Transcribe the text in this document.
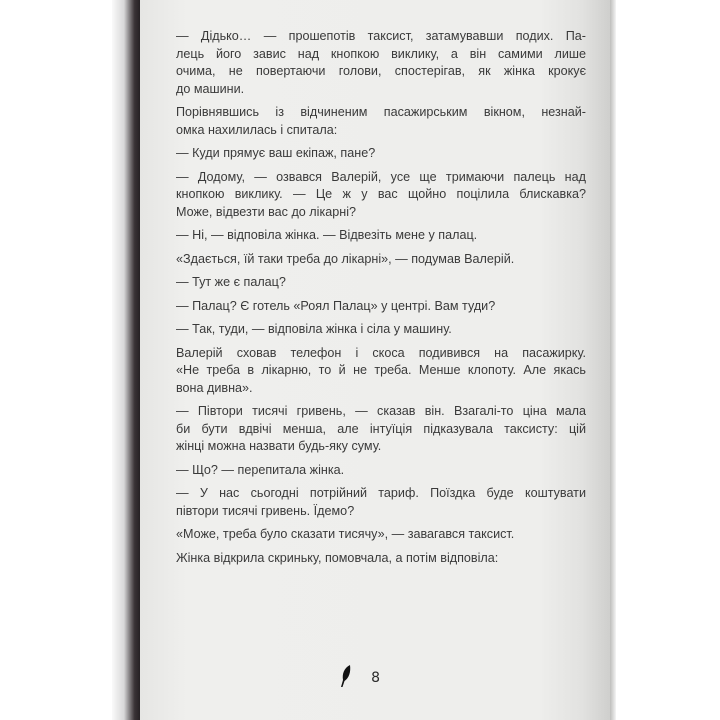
— Дідько… — прошепотів таксист, затамувавши подих. Па-
лець його завис над кнопкою виклику, а він самими лише
очима, не повертаючи голови, спостерігав, як жінка крокує
до машини.
Порівнявшись із відчиненим пасажирським вікном, незнай-
омка нахилилась і спитала:
— Куди прямує ваш екіпаж, пане?
— Додому, — озвався Валерій, усе ще тримаючи палець над
кнопкою виклику. — Це ж у вас щойно поцілила блискавка?
Може, відвезти вас до лікарні?
— Ні, — відповіла жінка. — Відвезіть мене у палац.
«Здається, їй таки треба до лікарні», — подумав Валерій.
— Тут же є палац?
— Палац? Є готель «Роял Палац» у центрі. Вам туди?
— Так, туди, — відповіла жінка і сіла у машину.
Валерій сховав телефон і скоса подивився на пасажирку.
«Не треба в лікарню, то й не треба. Менше клопоту. Але якась
вона дивна».
— Півтори тисячі гривень, — сказав він. Взагалі-то ціна мала
би бути вдвічі менша, але інтуїція підказувала таксисту: цій
жінці можна назвати будь-яку суму.
— Що? — перепитала жінка.
— У нас сьогодні потрійний тариф. Поїздка буде коштувати
півтори тисячі гривень. Їдемо?
«Може, треба було сказати тисячу», — завагався таксист.
Жінка відкрила скриньку, помовчала, а потім відповіла:
8
